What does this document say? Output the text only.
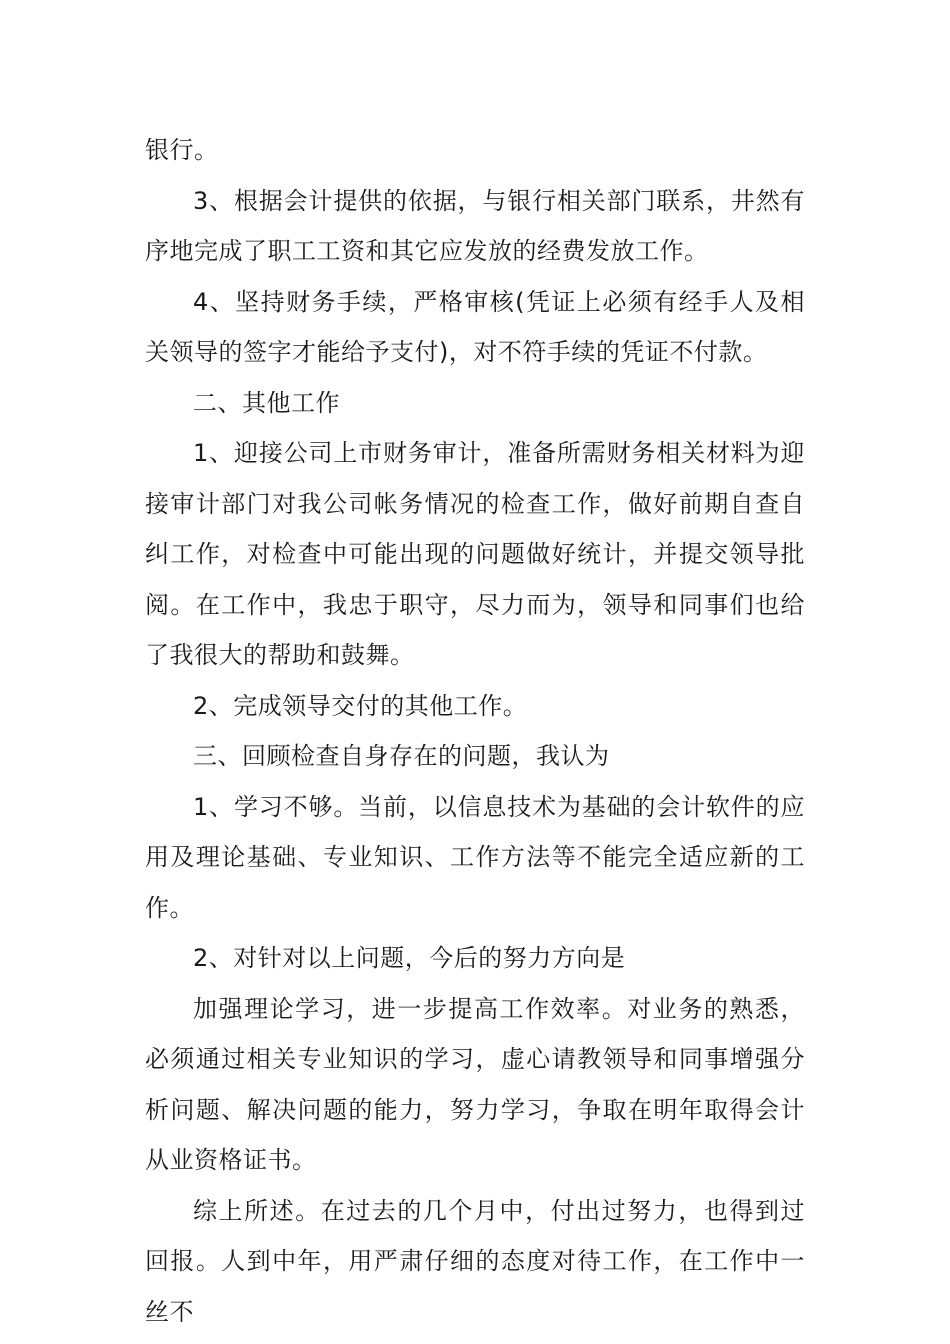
银行。

3、根据会计提供的依据，与银行相关部门联系，井然有序地完成了职工工资和其它应发放的经费发放工作。

4、坚持财务手续，严格审核(凭证上必须有经手人及相关领导的签字才能给予支付)，对不符手续的凭证不付款。

二、其他工作

1、迎接公司上市财务审计，准备所需财务相关材料为迎接审计部门对我公司帐务情况的检查工作，做好前期自查自纠工作，对检查中可能出现的问题做好统计，并提交领导批阅。在工作中，我忠于职守，尽力而为，领导和同事们也给了我很大的帮助和鼓舞。

2、完成领导交付的其他工作。

三、回顾检查自身存在的问题，我认为

1、学习不够。当前，以信息技术为基础的会计软件的应用及理论基础、专业知识、工作方法等不能完全适应新的工作。

2、对针对以上问题，今后的努力方向是

加强理论学习，进一步提高工作效率。对业务的熟悉，必须通过相关专业知识的学习，虚心请教领导和同事增强分析问题、解决问题的能力，努力学习，争取在明年取得会计从业资格证书。

综上所述。在过去的几个月中，付出过努力，也得到过回报。人到中年，用严肃仔细的态度对待工作，在工作中一丝不
